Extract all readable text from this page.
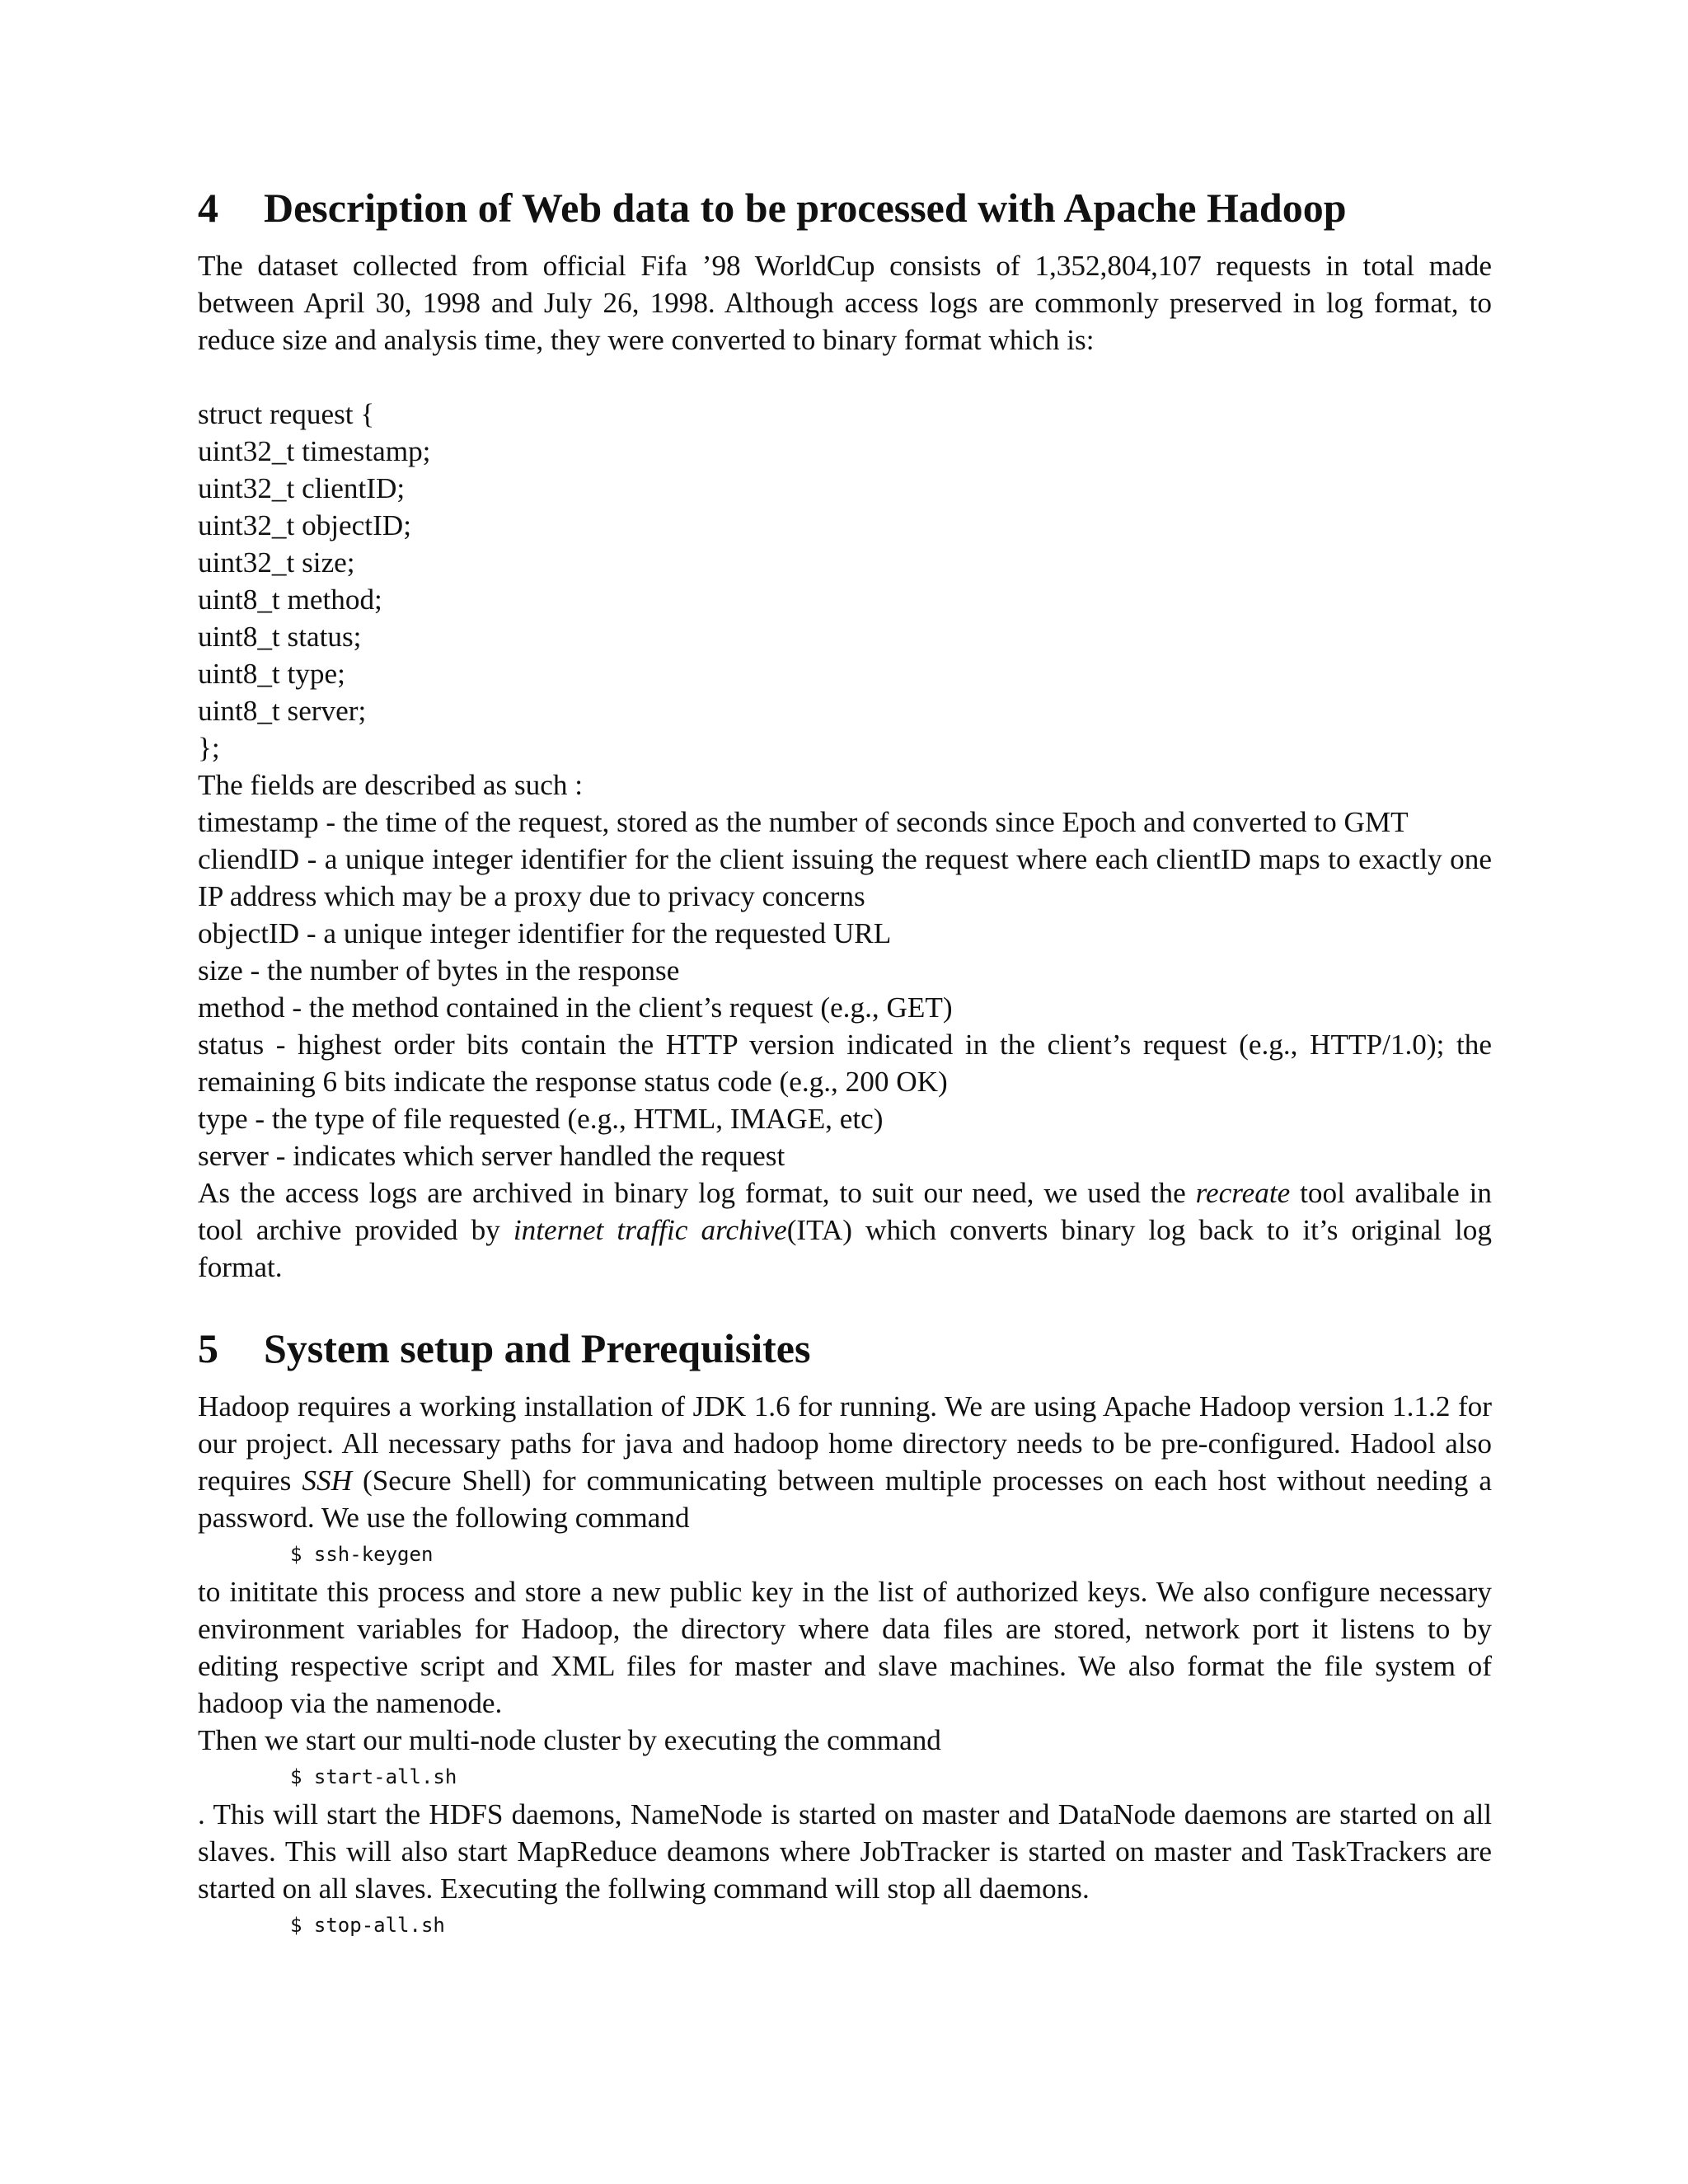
4	Description of Web data to be processed with Apache Hadoop

The dataset collected from official Fifa ’98 WorldCup consists of 1,352,804,107 requests in total made between April 30, 1998 and July 26, 1998. Although access logs are commonly preserved in log format, to reduce size and analysis time, they were converted to binary format which is:

struct request {

uint32_t timestamp;

uint32_t clientID;

uint32_t objectID;

uint32_t size;

uint8_t method;

uint8_t status;

uint8_t type;

uint8_t server;

};

The fields are described as such :

timestamp - the time of the request, stored as the number of seconds since Epoch and converted to GMT

cliendID - a unique integer identifier for the client issuing the request where each clientID maps to exactly one IP address which may be a proxy due to privacy concerns

objectID - a unique integer identifier for the requested URL

size - the number of bytes in the response

method - the method contained in the client’s request (e.g., GET)

status - highest order bits contain the HTTP version indicated in the client’s request (e.g., HTTP/1.0); the remaining 6 bits indicate the response status code (e.g., 200 OK)

type - the type of file requested (e.g., HTML, IMAGE, etc)

server - indicates which server handled the request

As the access logs are archived in binary log format, to suit our need, we used the recreate tool avalibale in tool archive provided by internet traffic archive(ITA) which converts binary log back to it’s original log format.

5	System setup and Prerequisites

Hadoop requires a working installation of JDK 1.6 for running. We are using Apache Hadoop version 1.1.2 for our project. All necessary paths for java and hadoop home directory needs to be pre-configured. Hadool also requires SSH (Secure Shell) for communicating between multiple processes on each host without needing a password. We use the following command

$ ssh-keygen

to inititate this process and store a new public key in the list of authorized keys. We also configure necessary environment variables for Hadoop, the directory where data files are stored, network port it listens to by editing respective script and XML files for master and slave machines. We also format the file system of hadoop via the namenode.

Then we start our multi-node cluster by executing the command

$ start-all.sh

. This will start the HDFS daemons, NameNode is started on master and DataNode daemons are started on all slaves. This will also start MapReduce deamons where JobTracker is started on master and TaskTrackers are started on all slaves. Executing the follwing command will stop all daemons.

$ stop-all.sh
